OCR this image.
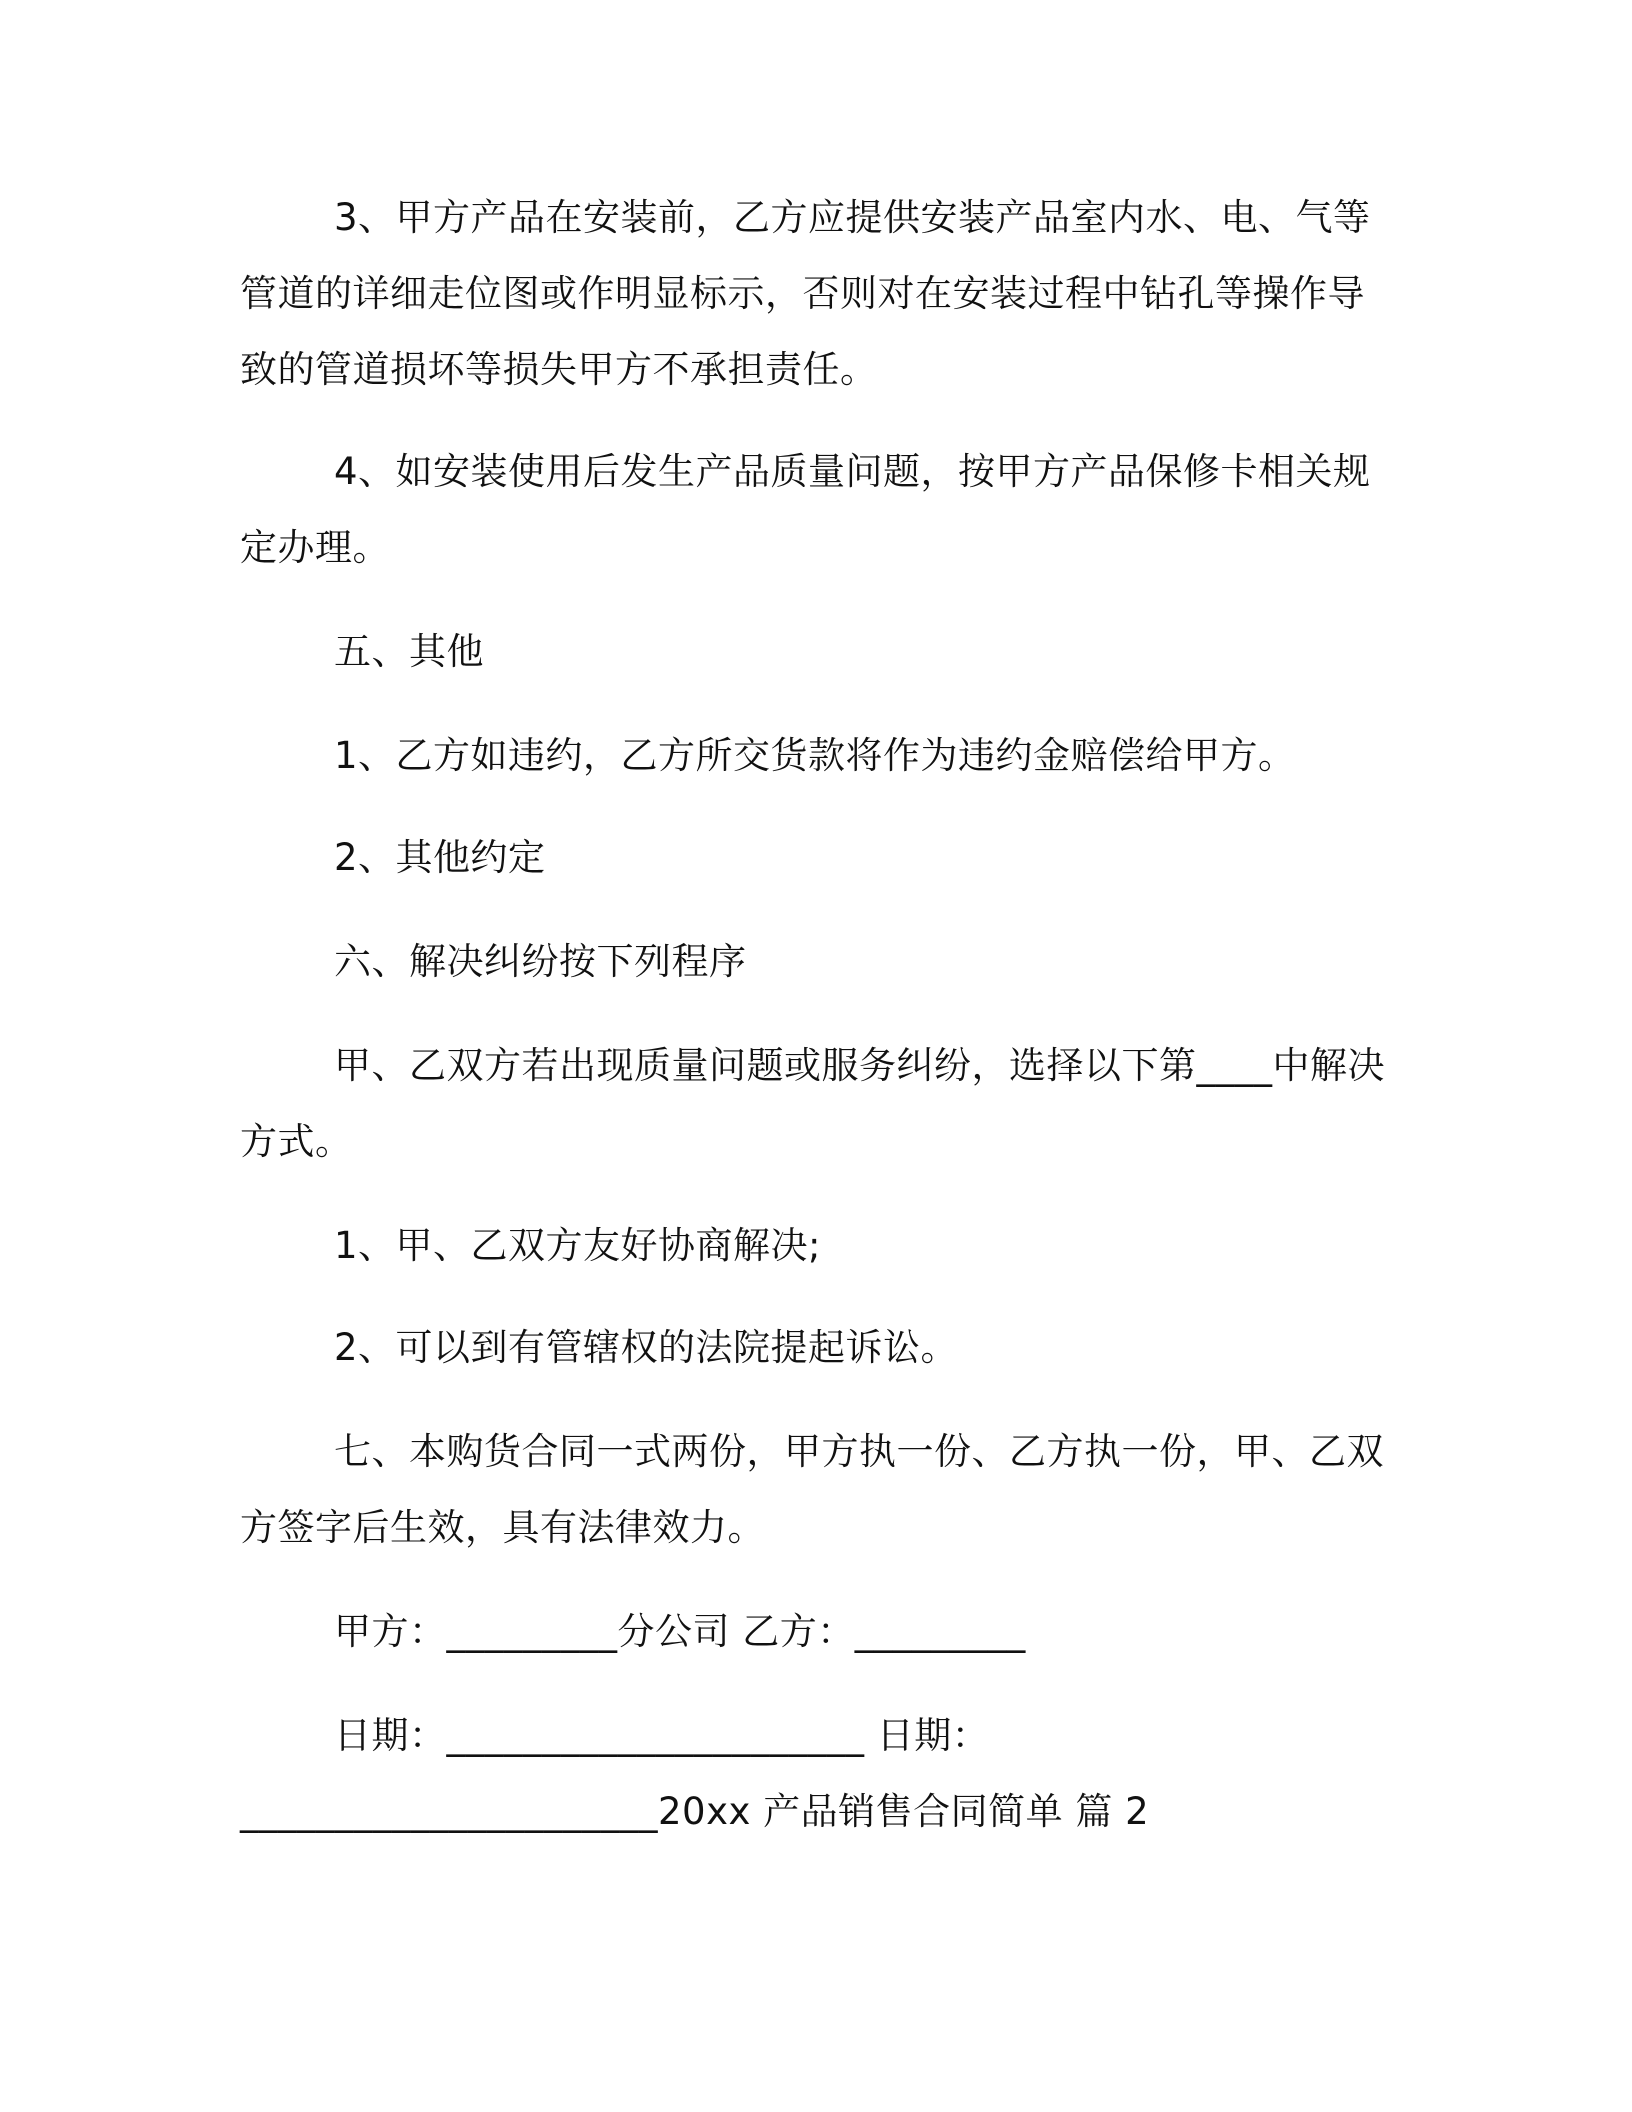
3、甲方产品在安装前，乙方应提供安装产品室内水、电、气等
管道的详细走位图或作明显标示，否则对在安装过程中钻孔等操作导
致的管道损坏等损失甲方不承担责任。
4、如安装使用后发生产品质量问题，按甲方产品保修卡相关规
定办理。
五、其他
1、乙方如违约，乙方所交货款将作为违约金赔偿给甲方。
2、其他约定
六、解决纠纷按下列程序
甲、乙双方若出现质量问题或服务纠纷，选择以下第____中解决
方式。
1、甲、乙双方友好协商解决;
2、可以到有管辖权的法院提起诉讼。
七、本购货合同一式两份，甲方执一份、乙方执一份，甲、乙双
方签字后生效，具有法律效力。
甲方：_________分公司 乙方：_________
日期：______________________ 日期：
______________________20xx 产品销售合同简单 篇 2
